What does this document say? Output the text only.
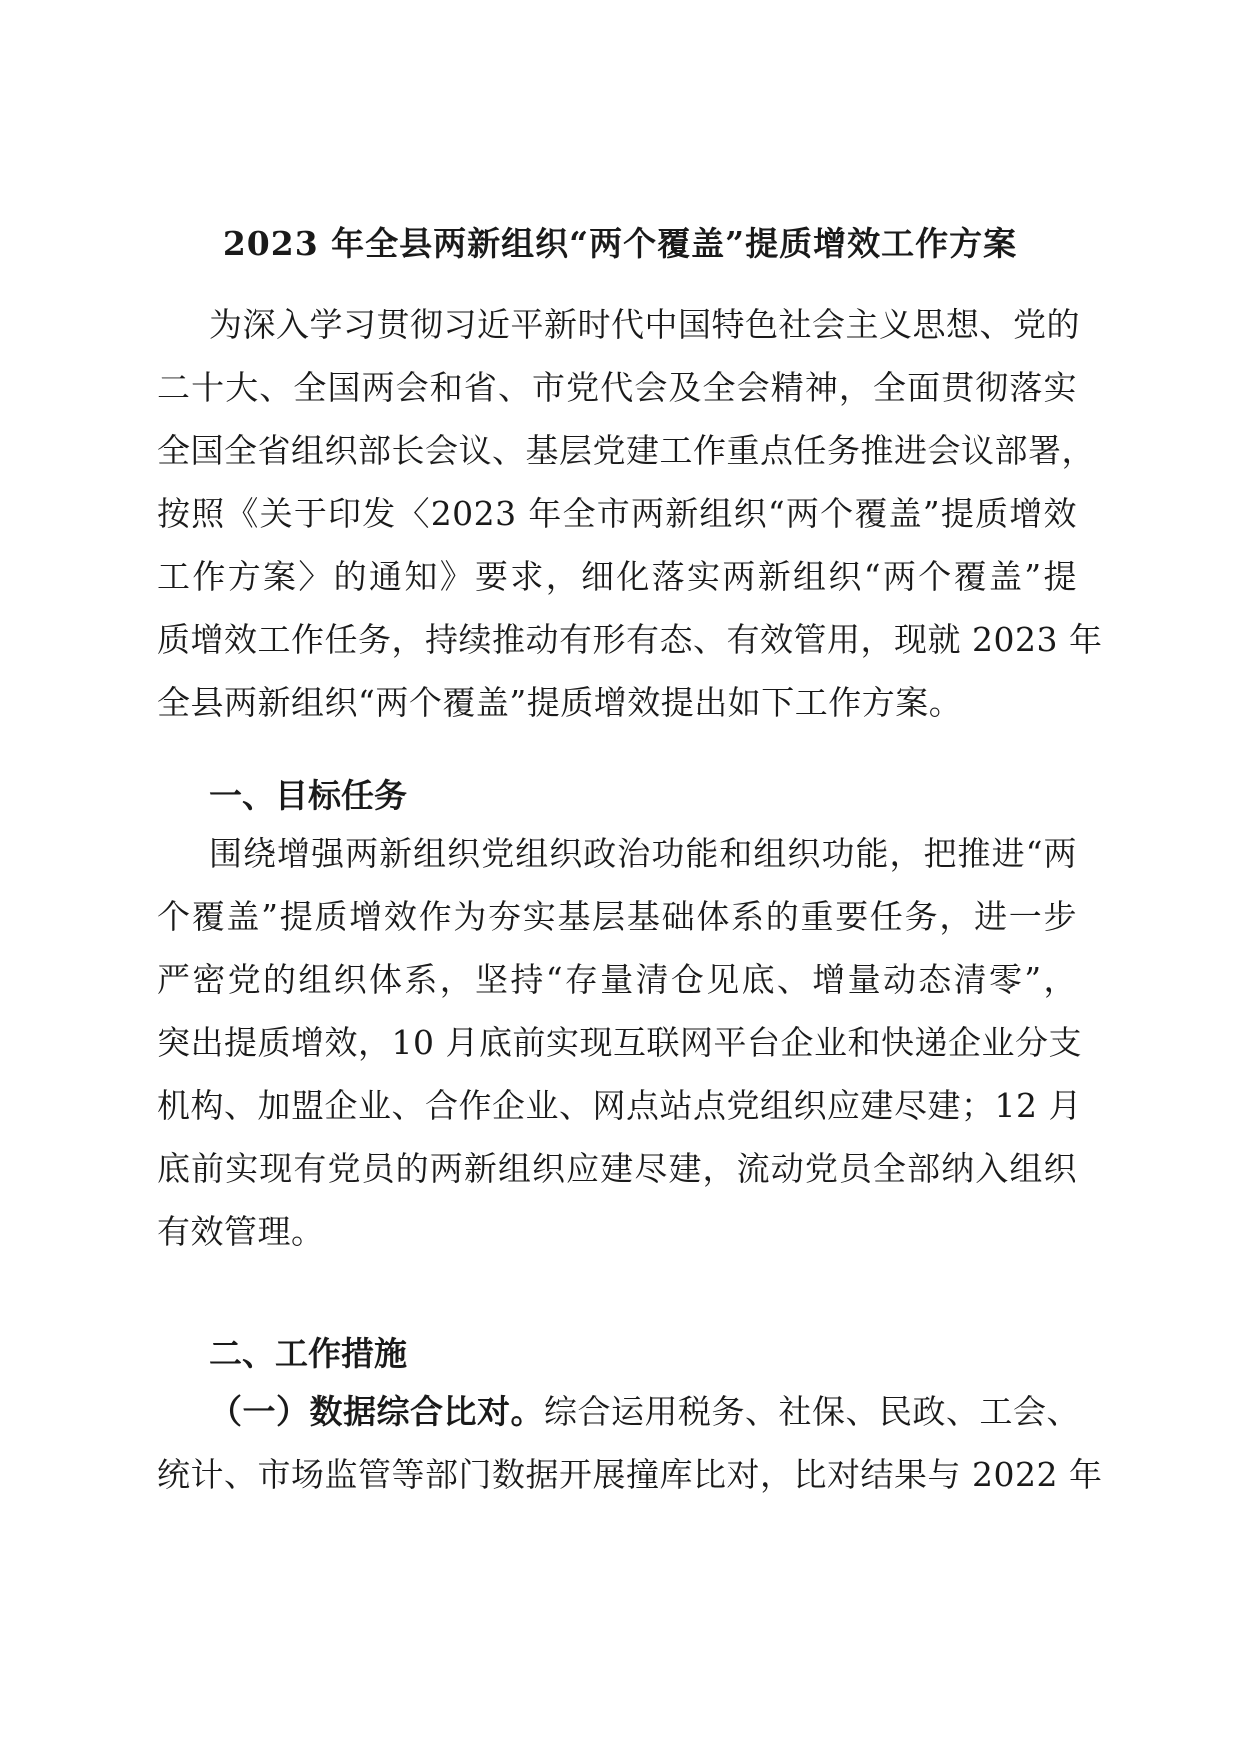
2023 年全县两新组织“两个覆盖”提质增效工作方案
为深入学习贯彻习近平新时代中国特色社会主义思想、党的
二十大、全国两会和省、市党代会及全会精神，全面贯彻落实
全国全省组织部长会议、基层党建工作重点任务推进会议部署，
按照《关于印发〈2023 年全市两新组织“两个覆盖”提质增效
工作方案〉的通知》要求，细化落实两新组织“两个覆盖”提
质增效工作任务，持续推动有形有态、有效管用，现就 2023 年
全县两新组织“两个覆盖”提质增效提出如下工作方案。
一、目标任务
围绕增强两新组织党组织政治功能和组织功能，把推进“两
个覆盖”提质增效作为夯实基层基础体系的重要任务，进一步
严密党的组织体系，坚持“存量清仓见底、增量动态清零”，
突出提质增效，10 月底前实现互联网平台企业和快递企业分支
机构、加盟企业、合作企业、网点站点党组织应建尽建；12 月
底前实现有党员的两新组织应建尽建，流动党员全部纳入组织
有效管理。
二、工作措施
（一）数据综合比对。综合运用税务、社保、民政、工会、
统计、市场监管等部门数据开展撞库比对，比对结果与 2022 年
